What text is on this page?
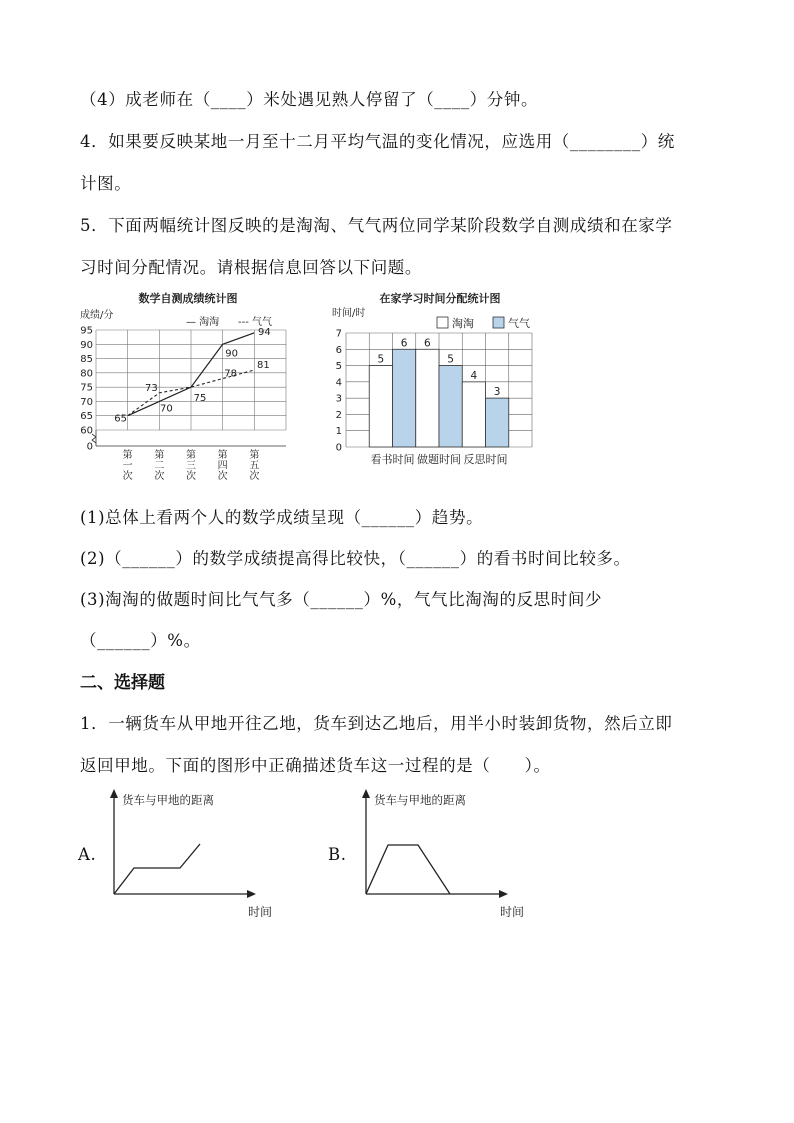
（4）成老师在（____）米处遇见熟人停留了（____）分钟。
4．如果要反映某地一月至十二月平均气温的变化情况，应选用（________）统
计图。
5．下面两幅统计图反映的是淘淘、气气两位同学某阶段数学自测成绩和在家学
习时间分配情况。请根据信息回答以下问题。
数学自测成绩统计图
成绩/分
— 淘淘 --- 气气
0
60
65
70
75
80
85
90
95
第
一
次
第
二
次
第
三
次
第
四
次
第
五
次
65
70
75
90
94
73
78
81
在家学习时间分配统计图
时间/时
淘淘	气气
0
1
2
3
4
5
6
7
5
6
看书时间
6
5
做题时间
4
3
反思时间
(1)总体上看两个人的数学成绩呈现（______）趋势。
(2)（______）的数学成绩提高得比较快，（______）的看书时间比较多。
(3)淘淘的做题时间比气气多（______）%，气气比淘淘的反思时间少
（______）%。
二、选择题
1．一辆货车从甲地开往乙地，货车到达乙地后，用半小时装卸货物，然后立即
返回甲地。下面的图形中正确描述货车这一过程的是（　　）。
A.
货车与甲地的距离
时间
B.
货车与甲地的距离
时间
